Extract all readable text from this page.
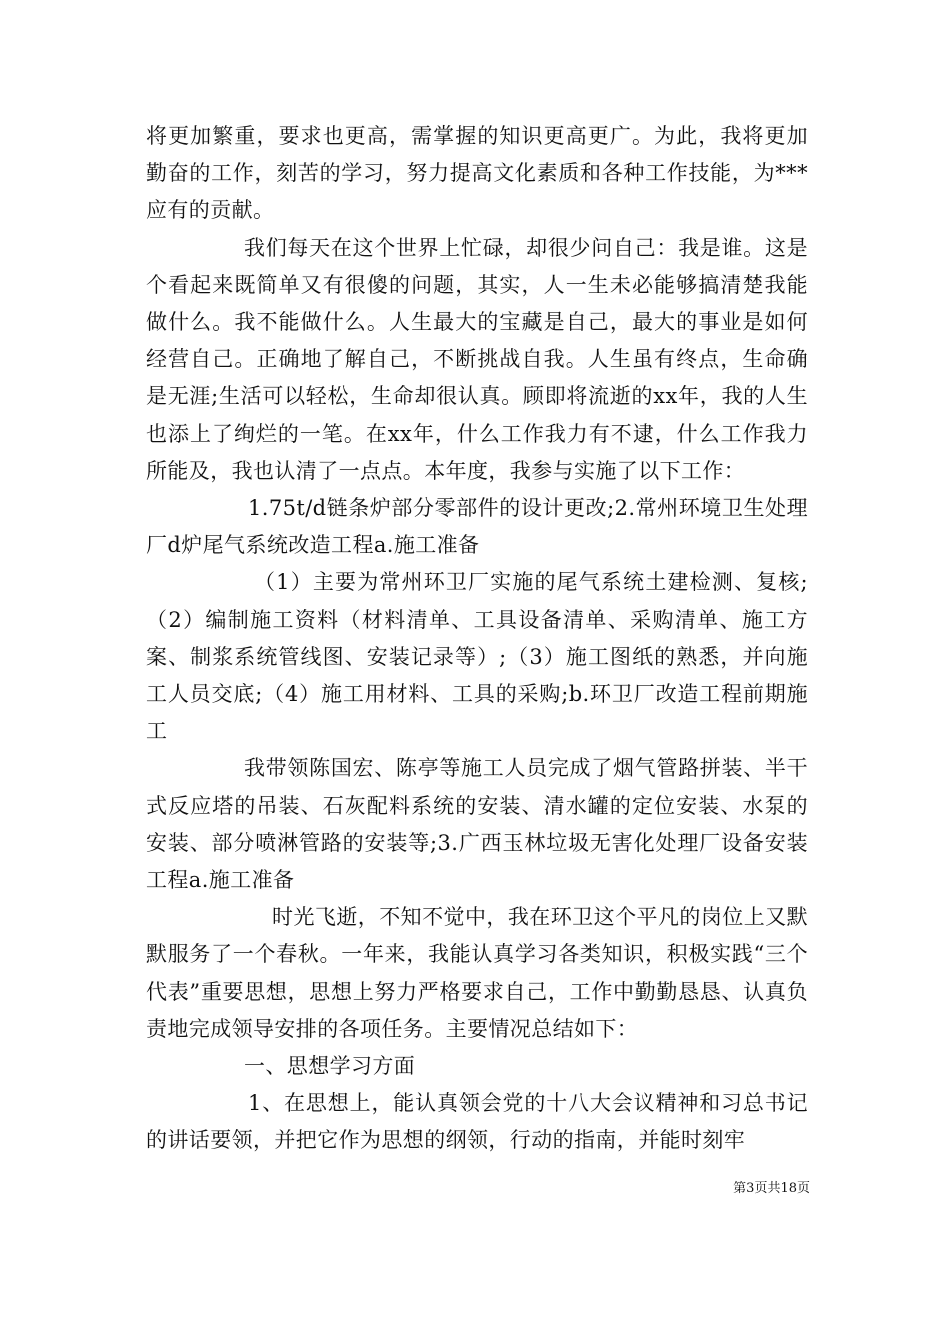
将更加繁重，要求也更高，需掌握的知识更高更广。为此，我将更加勤奋的工作，刻苦的学习，努力提高文化素质和各种工作技能，为***应有的贡献。

我们每天在这个世界上忙碌，却很少问自己：我是谁。这是个看起来既简单又有很傻的问题，其实，人一生未必能够搞清楚我能做什么。我不能做什么。人生最大的宝藏是自己，最大的事业是如何经营自己。正确地了解自己，不断挑战自我。人生虽有终点，生命确是无涯;生活可以轻松，生命却很认真。顾即将流逝的xx年，我的人生也添上了绚烂的一笔。在xx年，什么工作我力有不逮，什么工作我力所能及，我也认清了一点点。本年度，我参与实施了以下工作：

1.75t/d链条炉部分零部件的设计更改;2.常州环境卫生处理厂d炉尾气系统改造工程a.施工准备

（1）主要为常州环卫厂实施的尾气系统土建检测、复核;（2）编制施工资料（材料清单、工具设备清单、采购清单、施工方案、制浆系统管线图、安装记录等）;（3）施工图纸的熟悉，并向施工人员交底;（4）施工用材料、工具的采购;b.环卫厂改造工程前期施工

我带领陈国宏、陈亭等施工人员完成了烟气管路拼装、半干式反应塔的吊装、石灰配料系统的安装、清水罐的定位安装、水泵的安装、部分喷淋管路的安装等;3.广西玉林垃圾无害化处理厂设备安装工程a.施工准备

时光飞逝，不知不觉中，我在环卫这个平凡的岗位上又默默服务了一个春秋。一年来，我能认真学习各类知识，积极实践“三个代表”重要思想，思想上努力严格要求自己，工作中勤勤恳恳、认真负责地完成领导安排的各项任务。主要情况总结如下：

一、思想学习方面

1、在思想上，能认真领会党的十八大会议精神和习总书记的讲话要领，并把它作为思想的纲领，行动的指南，并能时刻牢

第3页共18页
